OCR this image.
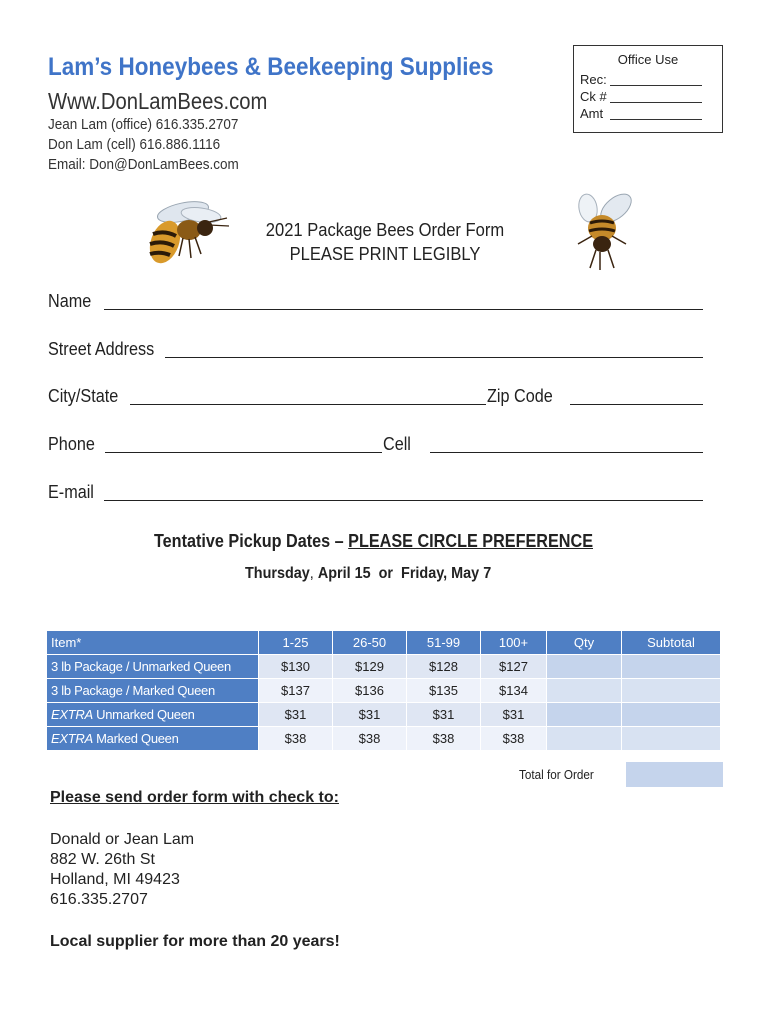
Lam’s Honeybees & Beekeeping Supplies
Www.DonLamBees.com
Jean Lam (office) 616.335.2707
Don Lam (cell) 616.886.1116
Email: Don@DonLamBees.com
Office Use
Rec:
Ck #
Amt
2021 Package Bees Order Form
PLEASE PRINT LEGIBLY
Name
Street Address
City/State	Zip Code
Phone	Cell
E-mail
Tentative Pickup Dates – PLEASE CIRCLE PREFERENCE
Thursday, April 15 or Friday, May 7
Item*	1-25	26-50	51-99	100+	Qty	Subtotal
3 lb Package / Unmarked Queen	$130	$129	$128	$127		
3 lb Package / Marked Queen	$137	$136	$135	$134		
EXTRA Unmarked Queen	$31	$31	$31	$31		
EXTRA Marked Queen	$38	$38	$38	$38		
Total for Order
Please send order form with check to:
Donald or Jean Lam
882 W. 26th St
Holland, MI 49423
616.335.2707
Local supplier for more than 20 years!
